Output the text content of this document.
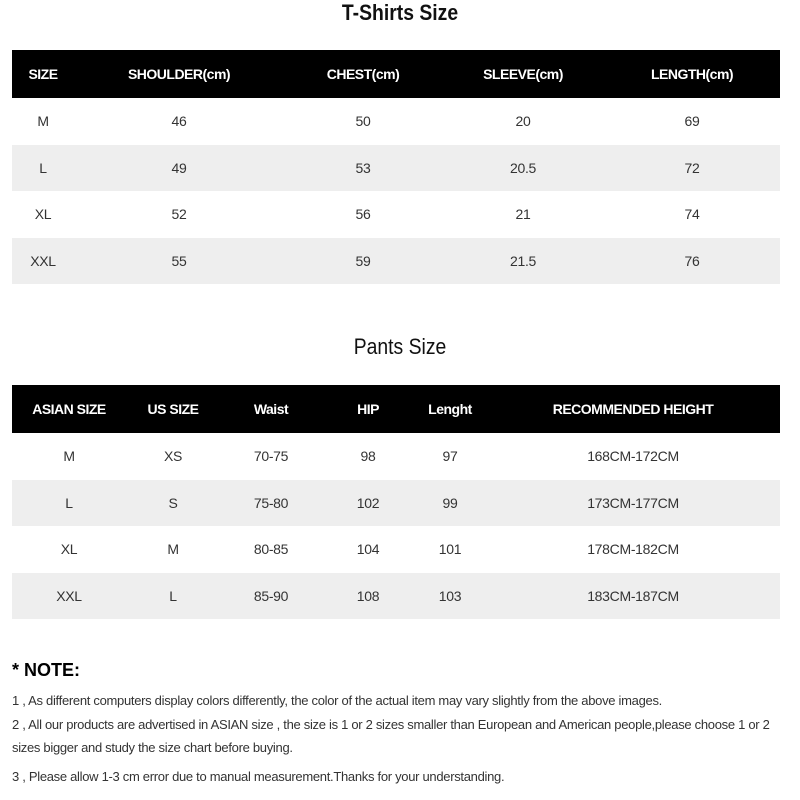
T-Shirts Size
SIZE	SHOULDER(cm)	CHEST(cm)	SLEEVE(cm)	LENGTH(cm)
M	46	50	20	69
L	49	53	20.5	72
XL	52	56	21	74
XXL	55	59	21.5	76
Pants Size
ASIAN SIZE	US SIZE	Waist	HIP	Lenght	RECOMMENDED HEIGHT
M	XS	70-75	98	97	168CM-172CM
L	S	75-80	102	99	173CM-177CM
XL	M	80-85	104	101	178CM-182CM
XXL	L	85-90	108	103	183CM-187CM
* NOTE:
1 , As different computers display colors differently, the color of the actual item may vary slightly from the above images.
2 , All our products are advertised in ASIAN size , the size is 1 or 2 sizes smaller than European and American people,please choose 1 or 2 sizes bigger and study the size chart before buying.
3 , Please allow 1-3 cm error due to manual measurement.Thanks for your understanding.
